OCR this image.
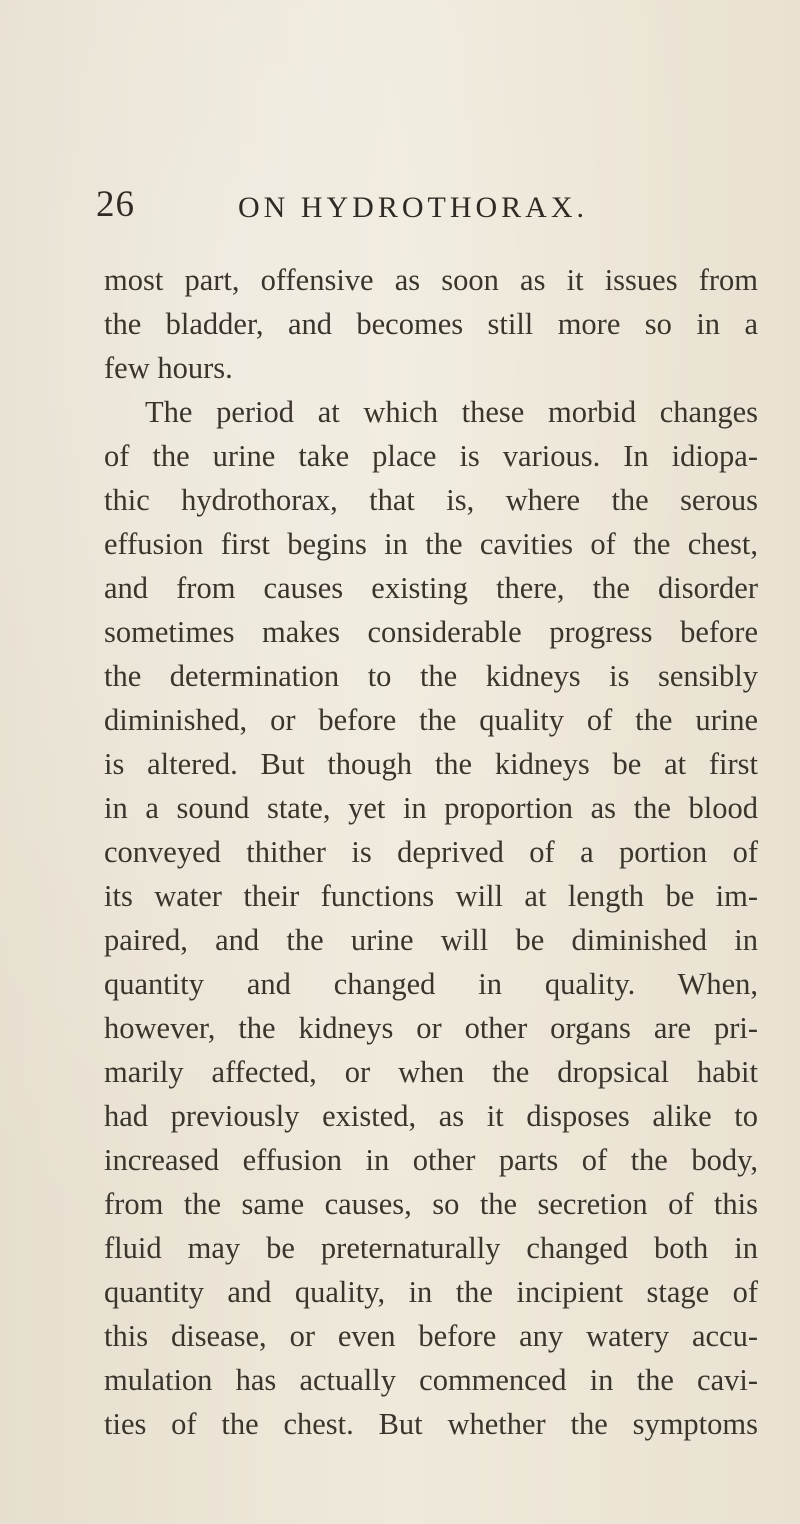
26	ON HYDROTHORAX.
most part, offensive as soon as it issues from
the bladder, and becomes still more so in a
few hours.
The period at which these morbid changes
of the urine take place is various. In idiopa-
thic hydrothorax, that is, where the serous
effusion first begins in the cavities of the chest,
and from causes existing there, the disorder
sometimes makes considerable progress before
the determination to the kidneys is sensibly
diminished, or before the quality of the urine
is altered. But though the kidneys be at first
in a sound state, yet in proportion as the blood
conveyed thither is deprived of a portion of
its water their functions will at length be im-
paired, and the urine will be diminished in
quantity and changed in quality. When,
however, the kidneys or other organs are pri-
marily affected, or when the dropsical habit
had previously existed, as it disposes alike to
increased effusion in other parts of the body,
from the same causes, so the secretion of this
fluid may be preternaturally changed both in
quantity and quality, in the incipient stage of
this disease, or even before any watery accu-
mulation has actually commenced in the cavi-
ties of the chest. But whether the symptoms
